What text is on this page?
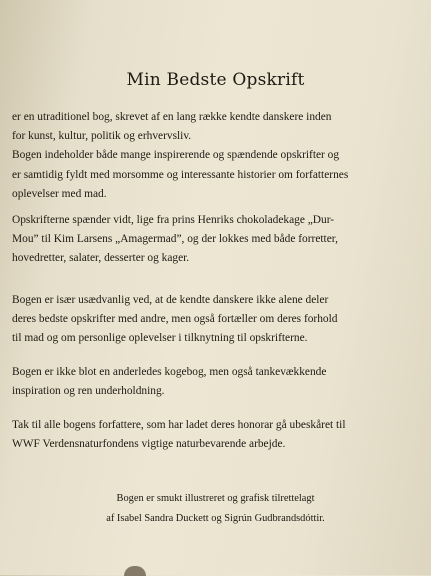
Min Bedste Opskrift

er en utraditionel bog, skrevet af en lang række kendte danskere inden
for kunst, kultur, politik og erhvervsliv.
Bogen indeholder både mange inspirerende og spændende opskrifter og
er samtidig fyldt med morsomme og interessante historier om forfatternes
oplevelser med mad.

Opskrifterne spænder vidt, lige fra prins Henriks chokoladekage „Dur-
Mou” til Kim Larsens „Amagermad”, og der lokkes med både forretter,
hovedretter, salater, desserter og kager.

Bogen er især usædvanlig ved, at de kendte danskere ikke alene deler
deres bedste opskrifter med andre, men også fortæller om deres forhold
til mad og om personlige oplevelser i tilknytning til opskrifterne.

Bogen er ikke blot en anderledes kogebog, men også tankevækkende
inspiration og ren underholdning.

Tak til alle bogens forfattere, som har ladet deres honorar gå ubeskåret til
WWF Verdensnaturfondens vigtige naturbevarende arbejde.

Bogen er smukt illustreret og grafisk tilrettelagt
af Isabel Sandra Duckett og Sigrún Gudbrandsdóttir.
